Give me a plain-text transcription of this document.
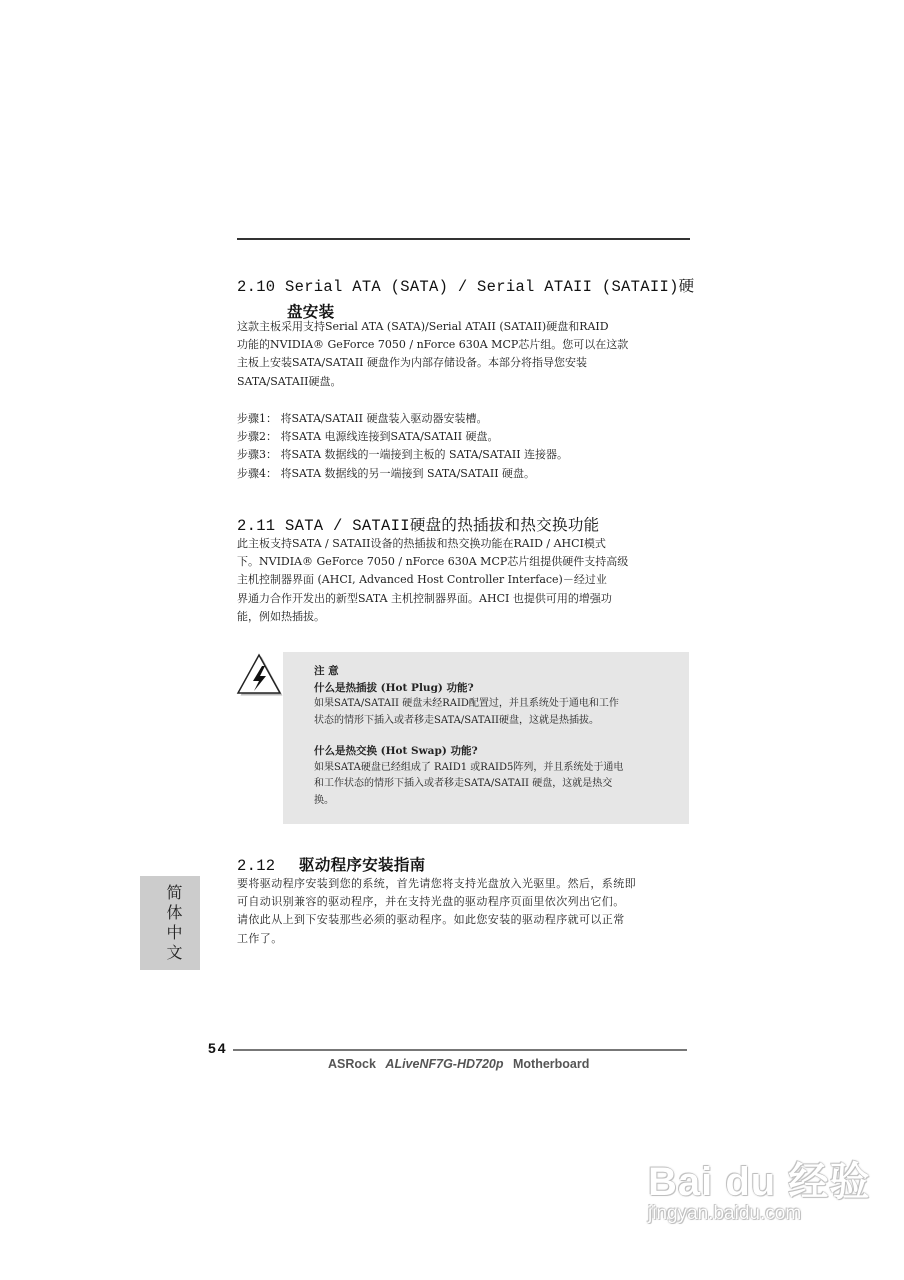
2.10 Serial ATA (SATA) / Serial ATAII (SATAII)硬
盘安装

这款主板采用支持Serial ATA (SATA)/Serial ATAII (SATAII)硬盘和RAID

功能的NVIDIA® GeForce 7050 / nForce 630A MCP芯片组。您可以在这款

主板上安装SATA/SATAII 硬盘作为内部存储设备。本部分将指导您安装

SATA/SATAII硬盘。

步骤1： 将SATA/SATAII 硬盘装入驱动器安装槽。
步骤2： 将SATA 电源线连接到SATA/SATAII 硬盘。
步骤3： 将SATA 数据线的一端接到主板的 SATA/SATAII 连接器。
步骤4： 将SATA 数据线的另一端接到 SATA/SATAII 硬盘。
2.11 SATA / SATAII硬盘的热插拔和热交换功能

此主板支持SATA / SATAII设备的热插拔和热交换功能在RAID / AHCI模式

下。NVIDIA® GeForce 7050 / nForce 630A MCP芯片组提供硬件支持高级

主机控制器界面 (AHCI, Advanced Host Controller Interface)－经过业

界通力合作开发出的新型SATA 主机控制器界面。AHCI 也提供可用的增强功

能，例如热插拔。

注 意

什么是热插拔 (Hot Plug) 功能?

如果SATA/SATAII 硬盘未经RAID配置过，并且系统处于通电和工作

状态的情形下插入或者移走SATA/SATAII硬盘，这就是热插拔。

什么是热交换 (Hot Swap) 功能?

如果SATA硬盘已经组成了 RAID1 或RAID5阵列，并且系统处于通电

和工作状态的情形下插入或者移走SATA/SATAII 硬盘，这就是热交

换。

2.12 驱动程序安装指南

要将驱动程序安装到您的系统，首先请您将支持光盘放入光驱里。然后，系统即

可自动识别兼容的驱动程序，并在支持光盘的驱动程序页面里依次列出它们。

请依此从上到下安装那些必须的驱动程序。如此您安装的驱动程序就可以正常

工作了。

简体中文
54
ASRock ALiveNF7G-HD720p Motherboard
Bai du 经验
jingyan.baidu.com
